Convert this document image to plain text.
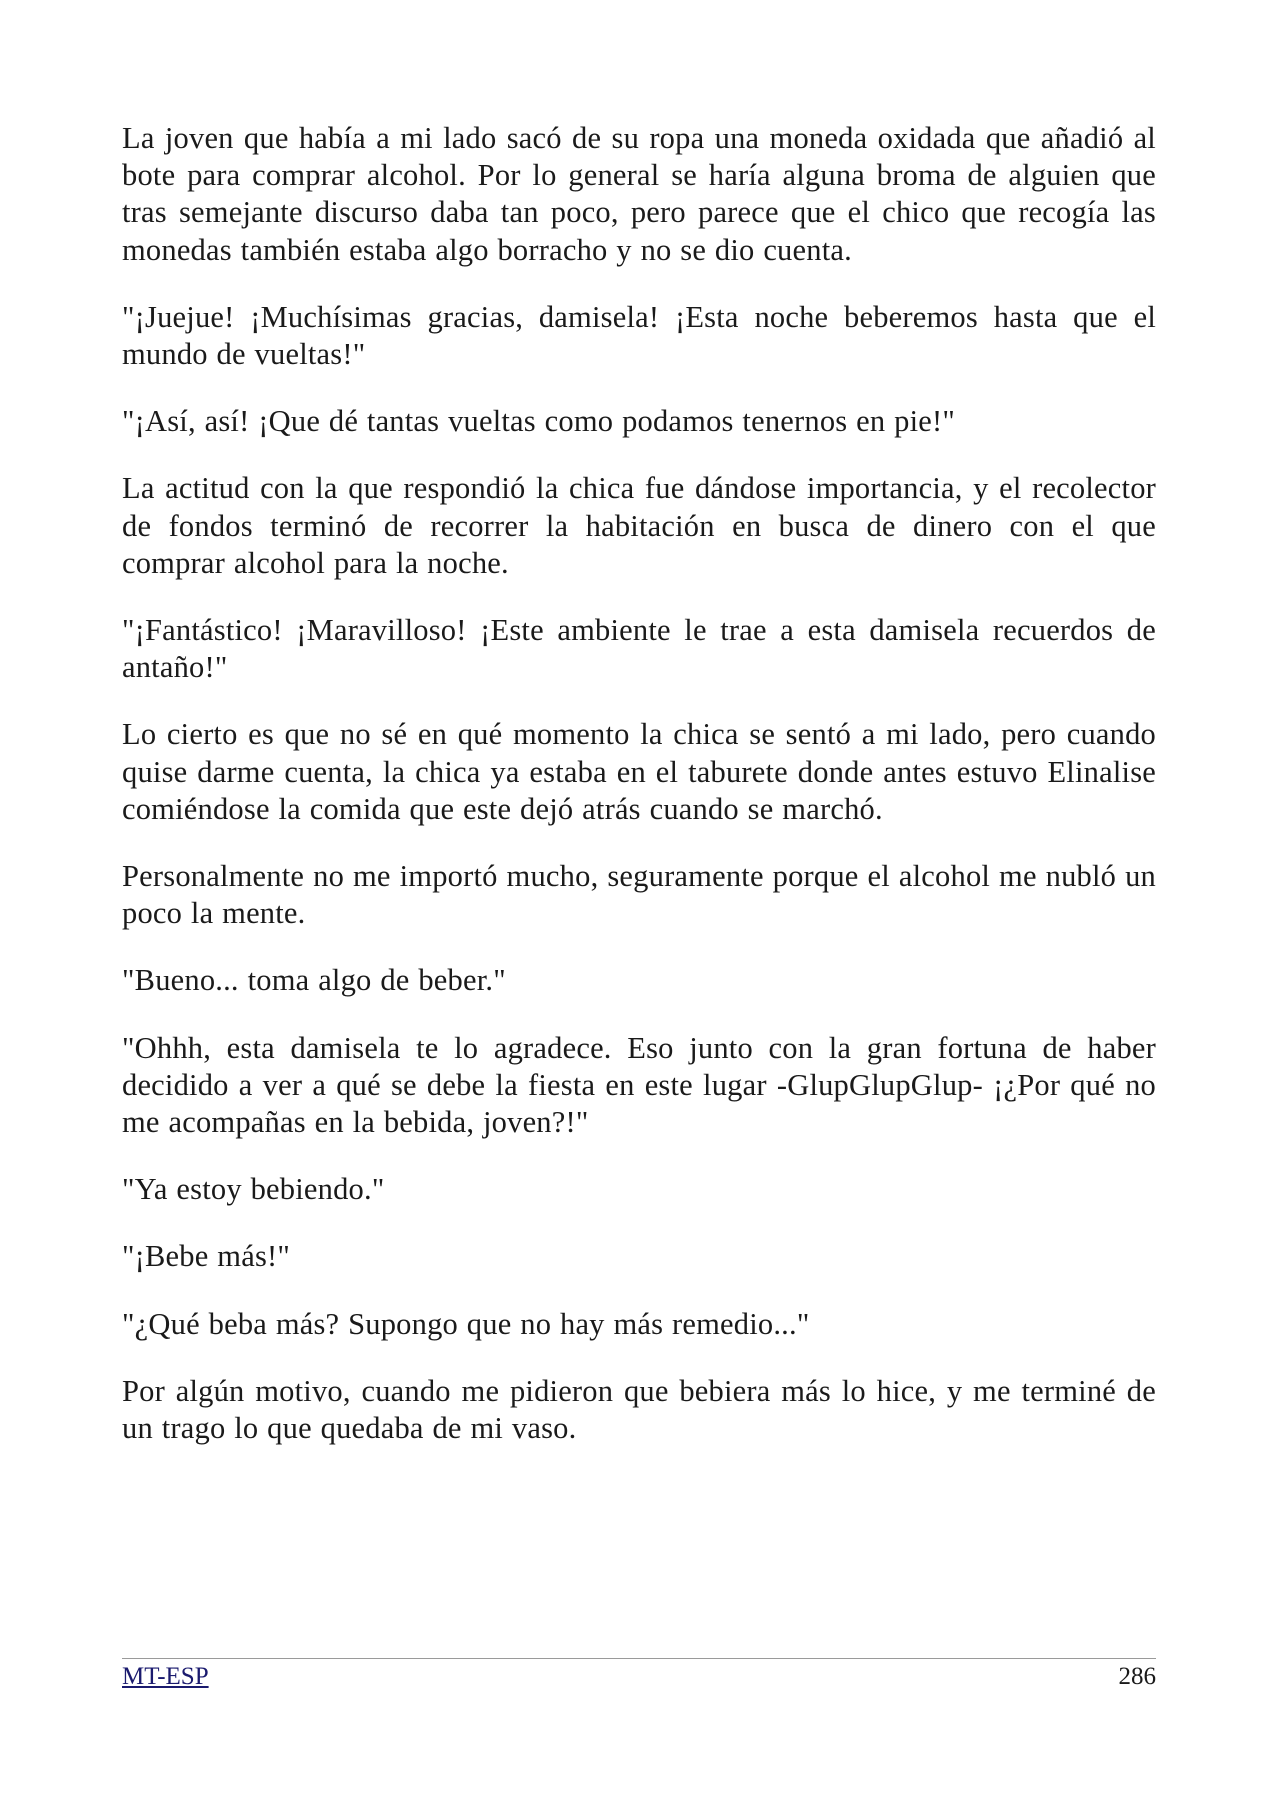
La joven que había a mi lado sacó de su ropa una moneda oxidada que añadió al bote para comprar alcohol. Por lo general se haría alguna broma de alguien que tras semejante discurso daba tan poco, pero parece que el chico que recogía las monedas también estaba algo borracho y no se dio cuenta.

"¡Juejue! ¡Muchísimas gracias, damisela! ¡Esta noche beberemos hasta que el mundo de vueltas!"

"¡Así, así! ¡Que dé tantas vueltas como podamos tenernos en pie!"

La actitud con la que respondió la chica fue dándose importancia, y el recolector de fondos terminó de recorrer la habitación en busca de dinero con el que comprar alcohol para la noche.

"¡Fantástico! ¡Maravilloso! ¡Este ambiente le trae a esta damisela recuerdos de antaño!"

Lo cierto es que no sé en qué momento la chica se sentó a mi lado, pero cuando quise darme cuenta, la chica ya estaba en el taburete donde antes estuvo Elinalise comiéndose la comida que este dejó atrás cuando se marchó.

Personalmente no me importó mucho, seguramente porque el alcohol me nubló un poco la mente.

"Bueno... toma algo de beber."

"Ohhh, esta damisela te lo agradece. Eso junto con la gran fortuna de haber decidido a ver a qué se debe la fiesta en este lugar -GlupGlupGlup- ¡¿Por qué no me acompañas en la bebida, joven?!"

"Ya estoy bebiendo."

"¡Bebe más!"

"¿Qué beba más? Supongo que no hay más remedio..."

Por algún motivo, cuando me pidieron que bebiera más lo hice, y me terminé de un trago lo que quedaba de mi vaso.

MT-ESP	286
